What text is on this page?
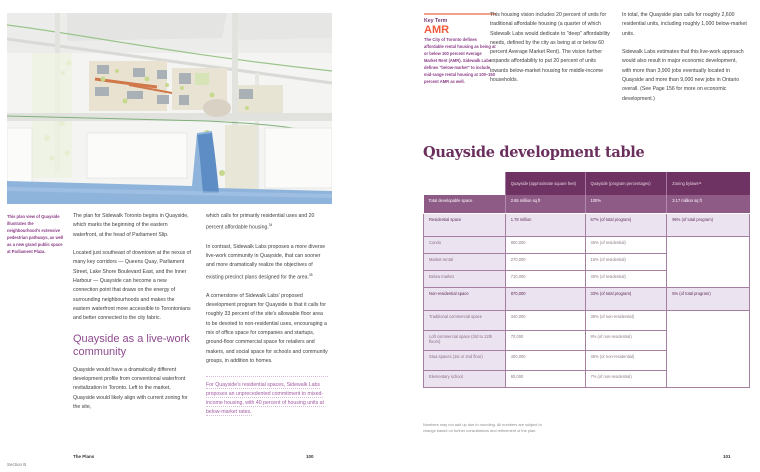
This plan view of Quayside illustrates the neighbourhood's extensive pedestrian pathways, as well as a new grand public space at Parliament Plaza.

The plan for Sidewalk Toronto begins in Quayside, which marks the beginning of the eastern waterfront, at the head of Parliament Slip.

Located just southeast of downtown at the nexus of many key corridors — Queens Quay, Parliament Street, Lake Shore Boulevard East, and the Inner Harbour — Quayside can become a new connection point that draws on the energy of surrounding neighbourhoods and makes the eastern waterfront more accessible to Torontonians and better connected to the city fabric.

Quayside as a live-work community

Quayside would have a dramatically different development profile from conventional waterfront revitalization in Toronto. Left to the market, Quayside would likely align with current zoning for the site,

which calls for primarily residential uses and 20 percent affordable housing.$^{34}$

In contrast, Sidewalk Labs proposes a more diverse live-work community in Quayside, that can sooner and more dramatically realize the objectives of existing precinct plans designed for the area.$^{35}$

A cornerstone of Sidewalk Labs' proposed development program for Quayside is that it calls for roughly 33 percent of the site's allowable floor area to be devoted to non-residential uses, encouraging a mix of office space for companies and startups, ground-floor commercial space for retailers and makers, and social space for schools and community groups, in addition to homes.

For Quayside's residential spaces, Sidewalk Labs proposes an unprecedented commitment to mixed-income housing, with 40 percent of housing units at below-market rates.

The Plans
Section B
100
Key Term
AMR
The City of Toronto defines affordable rental housing as being at or below 100 percent Average Market Rent (AMR). Sidewalk Labs defines "below-market" to include mid-range rental housing at 100–150 percent AMR as well.

This housing vision includes 20 percent of units for traditional affordable housing (a quarter of which Sidewalk Labs would dedicate to "deep" affordability needs, defined by the city as being at or below 60 percent Average Market Rent). The vision further expands affordability to put 20 percent of units towards below-market housing for middle-income households.

In total, the Quayside plan calls for roughly 2,600 residential units, including roughly 1,000 below-market units.

Sidewalk Labs estimates that this live-work approach would also result in major economic development, with more than 3,900 jobs eventually located in Quayside and more than 9,000 new jobs in Ontario overall. (See Page 156 for more on economic development.)

Quayside development table
	Quayside (approximate square feet)	Quayside (program percentages)	Zoning bylaws³⁶
Total developable space	2.65 million sq ft	100%	3.17 million sq ft
Residential space	1.78 million	67% (of total program)	95% (of total program)
Condo	800,000	45% (of residential)	
Market rental	270,000	15% (of residential)	
Below market	710,000	40% (of residential)	
Non-residential space	870,000	33% (of total program)	5% (of total program)
Traditional commercial space	340,000	39% (of non-residential)	
Loft commercial space (3rd to 12th floors)	70,000	8% (of non-residential)	
Stoa spaces (1st or 2nd floor)	400,000	45% (or non-residential)	
Elementary school	60,000	7% (of non-residential)	
Numbers may not add up due to rounding. All numbers are subject to change based on further consultations and refinement of the plan.
101
